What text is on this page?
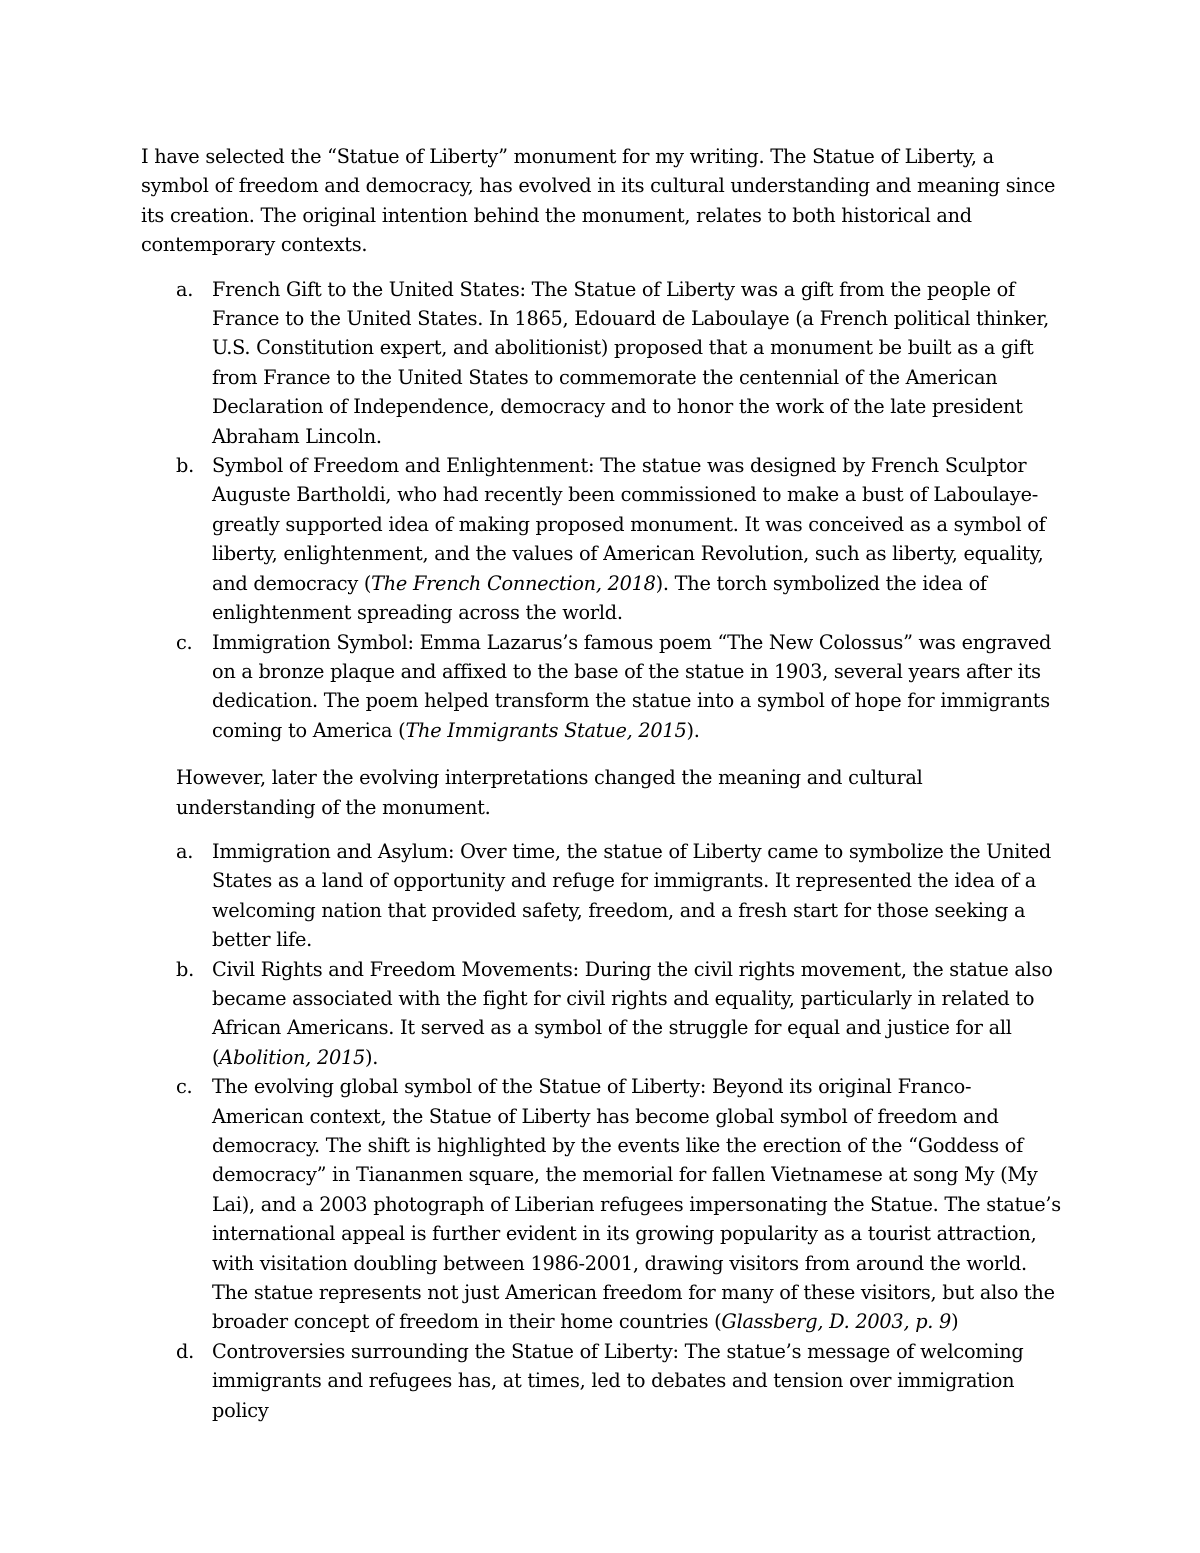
I have selected the “Statue of Liberty” monument for my writing. The Statue of Liberty, a symbol of freedom and democracy, has evolved in its cultural understanding and meaning since its creation. The original intention behind the monument, relates to both historical and contemporary contexts.

a. French Gift to the United States: The Statue of Liberty was a gift from the people of France to the United States. In 1865, Edouard de Laboulaye (a French political thinker, U.S. Constitution expert, and abolitionist) proposed that a monument be built as a gift from France to the United States to commemorate the centennial of the American Declaration of Independence, democracy and to honor the work of the late president Abraham Lincoln.
b. Symbol of Freedom and Enlightenment: The statue was designed by French Sculptor Auguste Bartholdi, who had recently been commissioned to make a bust of Laboulaye- greatly supported idea of making proposed monument. It was conceived as a symbol of liberty, enlightenment, and the values of American Revolution, such as liberty, equality, and democracy (The French Connection, 2018). The torch symbolized the idea of enlightenment spreading across the world.
c. Immigration Symbol: Emma Lazarus’s famous poem “The New Colossus” was engraved on a bronze plaque and affixed to the base of the statue in 1903, several years after its dedication. The poem helped transform the statue into a symbol of hope for immigrants coming to America (The Immigrants Statue, 2015).

However, later the evolving interpretations changed the meaning and cultural understanding of the monument.

a. Immigration and Asylum: Over time, the statue of Liberty came to symbolize the United States as a land of opportunity and refuge for immigrants. It represented the idea of a welcoming nation that provided safety, freedom, and a fresh start for those seeking a better life.
b. Civil Rights and Freedom Movements: During the civil rights movement, the statue also became associated with the fight for civil rights and equality, particularly in related to African Americans. It served as a symbol of the struggle for equal and justice for all (Abolition, 2015).
c. The evolving global symbol of the Statue of Liberty: Beyond its original Franco- American context, the Statue of Liberty has become global symbol of freedom and democracy. The shift is highlighted by the events like the erection of the “Goddess of democracy” in Tiananmen square, the memorial for fallen Vietnamese at song My (My Lai), and a 2003 photograph of Liberian refugees impersonating the Statue. The statue’s international appeal is further evident in its growing popularity as a tourist attraction, with visitation doubling between 1986-2001, drawing visitors from around the world. The statue represents not just American freedom for many of these visitors, but also the broader concept of freedom in their home countries (Glassberg, D. 2003, p. 9)
d. Controversies surrounding the Statue of Liberty: The statue’s message of welcoming immigrants and refugees has, at times, led to debates and tension over immigration policy
